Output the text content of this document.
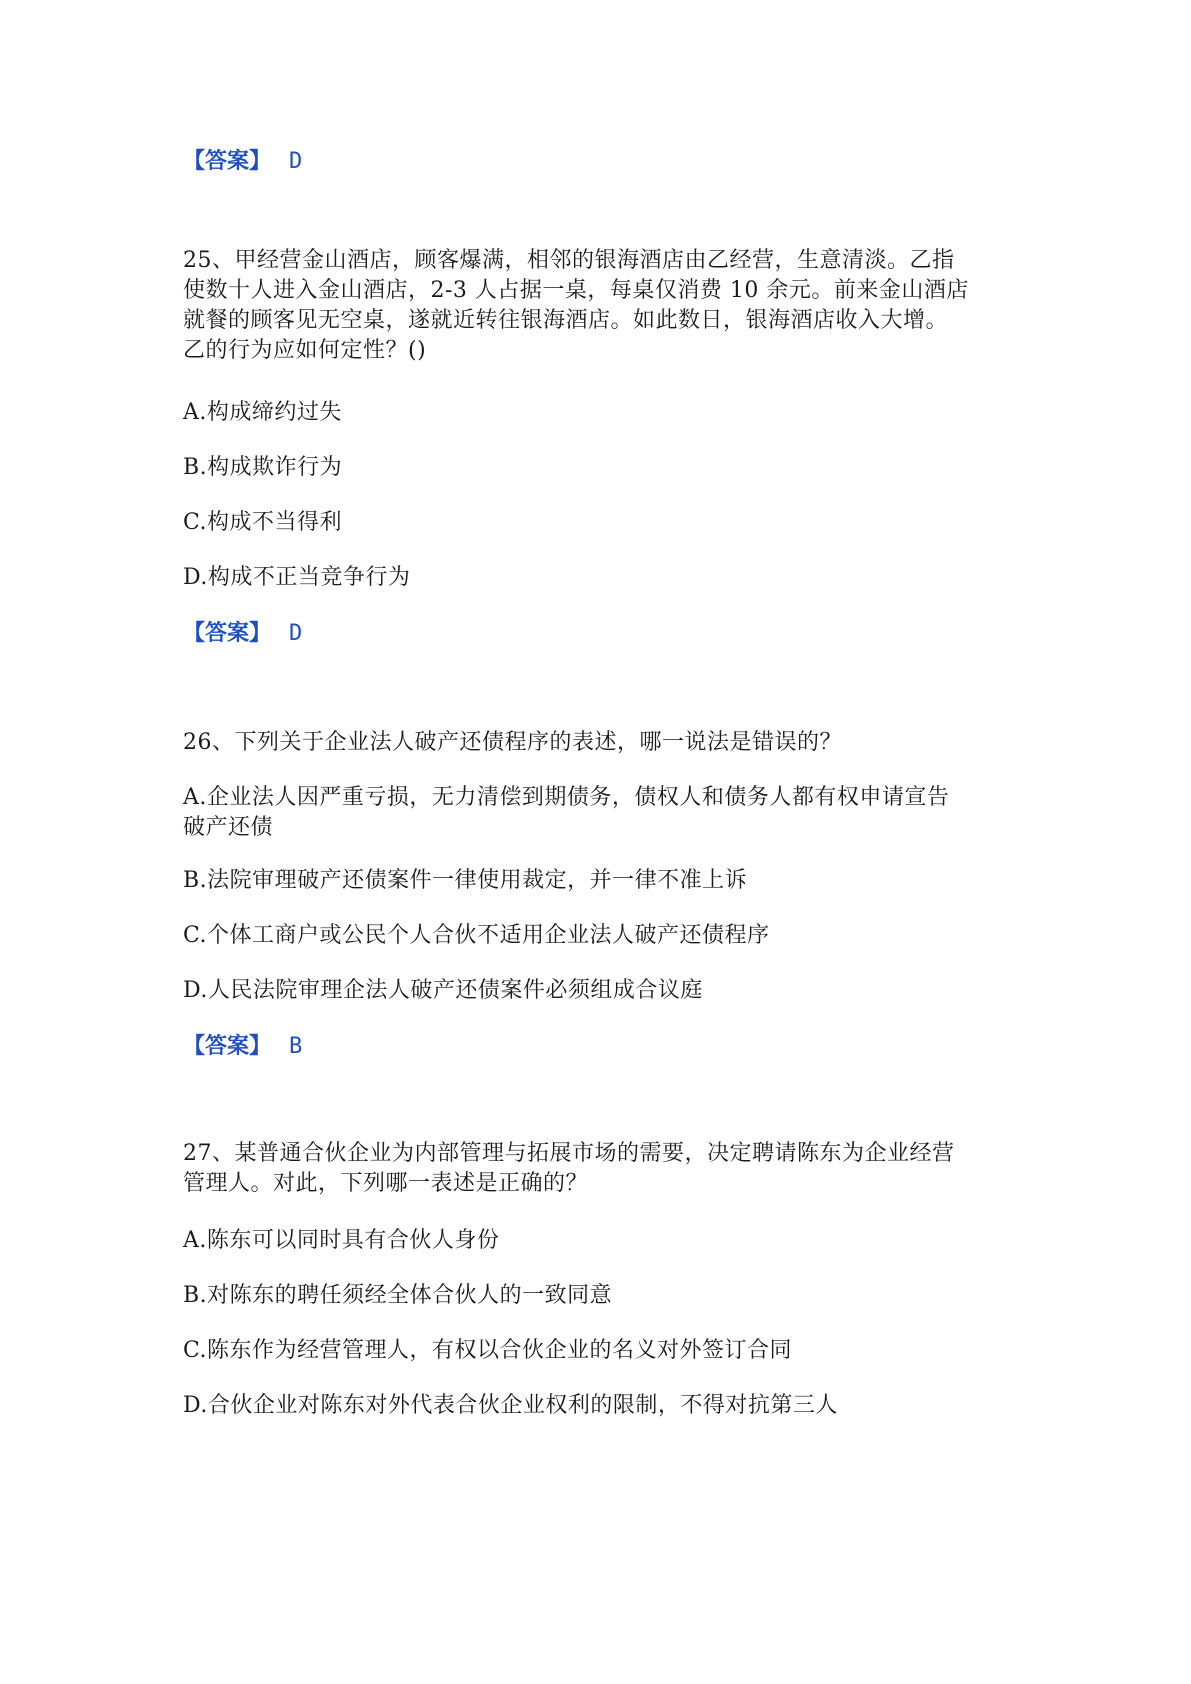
【答案】 D
25、甲经营金山酒店，顾客爆满，相邻的银海酒店由乙经营，生意清淡。乙指
使数十人进入金山酒店，2-3 人占据一桌，每桌仅消费 10 余元。前来金山酒店
就餐的顾客见无空桌，遂就近转往银海酒店。如此数日，银海酒店收入大增。
乙的行为应如何定性？()
A.构成缔约过失
B.构成欺诈行为
C.构成不当得利
D.构成不正当竞争行为
【答案】 D
26、下列关于企业法人破产还债程序的表述，哪一说法是错误的？
A.企业法人因严重亏损，无力清偿到期债务，债权人和债务人都有权申请宣告
破产还债
B.法院审理破产还债案件一律使用裁定，并一律不准上诉
C.个体工商户或公民个人合伙不适用企业法人破产还债程序
D.人民法院审理企法人破产还债案件必须组成合议庭
【答案】 B
27、某普通合伙企业为内部管理与拓展市场的需要，决定聘请陈东为企业经营
管理人。对此，下列哪一表述是正确的？
A.陈东可以同时具有合伙人身份
B.对陈东的聘任须经全体合伙人的一致同意
C.陈东作为经营管理人，有权以合伙企业的名义对外签订合同
D.合伙企业对陈东对外代表合伙企业权利的限制，不得对抗第三人
